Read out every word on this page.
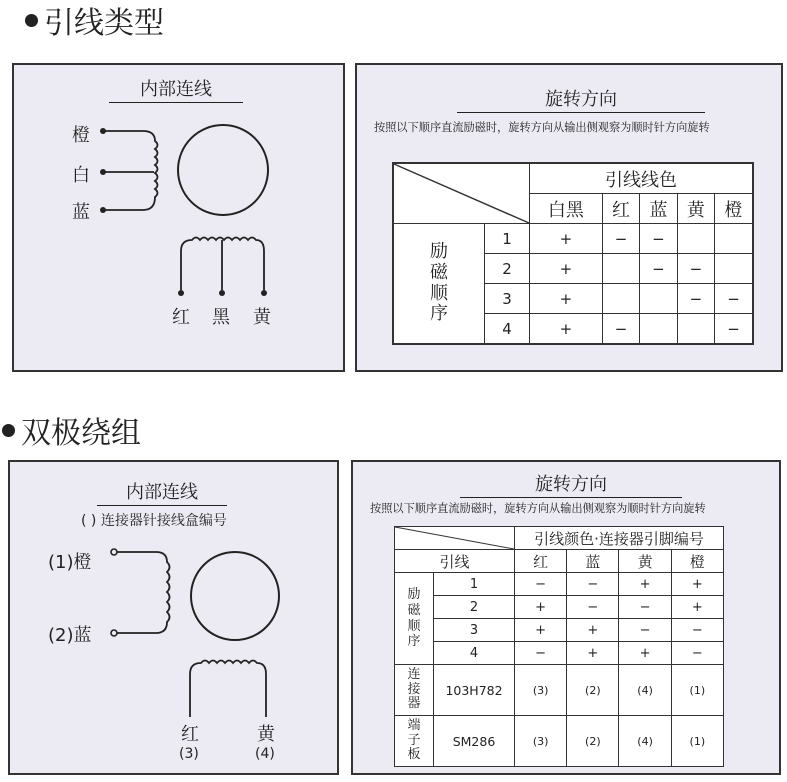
引线类型
内部连线
橙
白
蓝
红 黑 黄
旋转方向
按照以下顺序直流励磁时，旋转方向从输出侧观察为顺时针方向旋转
	引线线色				
		白黑	红	蓝	黄	橙
励磁顺序	1	+	−	−		
	2	+		−	−	
	3	+			−	−
	4	+	−			−
双极绕组
内部连线
( ) 连接器针接线盒编号
(1)橙
(2)蓝
红
(3)
黄
(4)
旋转方向
按照以下顺序直流励磁时，旋转方向从输出侧观察为顺时针方向旋转
	引线颜色·连接器引脚编号			
引线		红	蓝	黄	橙
励磁顺序	1	−	−	+	+
	2	+	−	−	+
	3	+	+	−	−
	4	−	+	+	−
连接器	103H782	(3)	(2)	(4)	(1)
端子板	SM286	(3)	(2)	(4)	(1)
